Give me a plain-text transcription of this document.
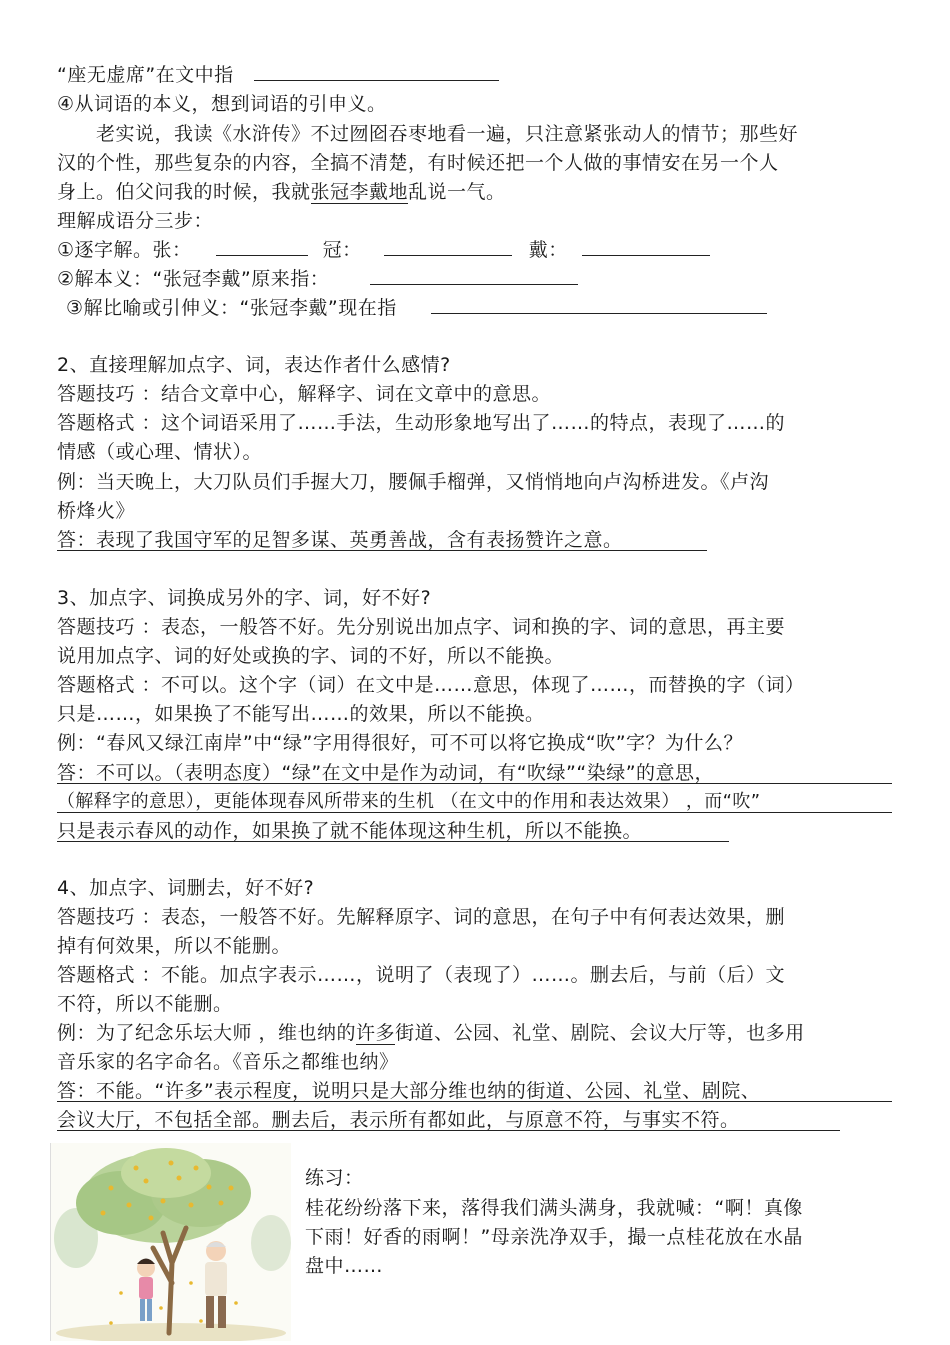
“座无虚席”在文中指
④从词语的本义，想到词语的引申义。
老实说，我读《水浒传》不过囫囵吞枣地看一遍，只注意紧张动人的情节；那些好
汉的个性，那些复杂的内容，全搞不清楚，有时候还把一个人做的事情安在另一个人
身上。伯父问我的时候，我就张冠李戴地乱说一气。
理解成语分三步：
①逐字解。张：	冠：	戴：
②解本义：“张冠李戴”原来指：
③解比喻或引伸义：“张冠李戴”现在指
2、直接理解加点字、词，表达作者什么感情?
答题技巧 ：结合文章中心，解释字、词在文章中的意思。
答题格式 ：这个词语采用了……手法，生动形象地写出了……的特点，表现了……的
情感（或心理、情状）。
例：当天晚上，大刀队员们手握大刀，腰佩手榴弹，又悄悄地向卢沟桥进发。《卢沟
桥烽火》
答：表现了我国守军的足智多谋、英勇善战，含有表扬赞许之意。
3、加点字、词换成另外的字、词，好不好?
答题技巧 ：表态，一般答不好。先分别说出加点字、词和换的字、词的意思，再主要
说用加点字、词的好处或换的字、词的不好，所以不能换。
答题格式 ：不可以。这个字（词）在文中是……意思，体现了……，而替换的字（词）
只是……，如果换了不能写出……的效果，所以不能换。
例：“春风又绿江南岸”中“绿”字用得很好，可不可以将它换成“吹”字？为什么？
答：不可以。（表明态度）“绿”在文中是作为动词，有“吹绿”“染绿”的意思，
（解释字的意思），更能体现春风所带来的生机 （在文中的作用和表达效果） ，而“吹”
只是表示春风的动作，如果换了就不能体现这种生机，所以不能换。
4、加点字、词删去，好不好?
答题技巧 ：表态，一般答不好。先解释原字、词的意思，在句子中有何表达效果，删
掉有何效果，所以不能删。
答题格式 ：不能。加点字表示……，说明了（表现了）……。删去后，与前（后）文
不符，所以不能删。
例：为了纪念乐坛大师 ，维也纳的许多街道、公园、礼堂、剧院、会议大厅等，也多用
音乐家的名字命名。《音乐之都维也纳》
答：不能。“许多”表示程度，说明只是大部分维也纳的街道、公园、礼堂、剧院、
会议大厅，不包括全部。删去后，表示所有都如此，与原意不符，与事实不符。
练习：
桂花纷纷落下来，落得我们满头满身，我就喊：“啊！真像
下雨！好香的雨啊！”母亲洗净双手，撮一点桂花放在水晶
盘中……
